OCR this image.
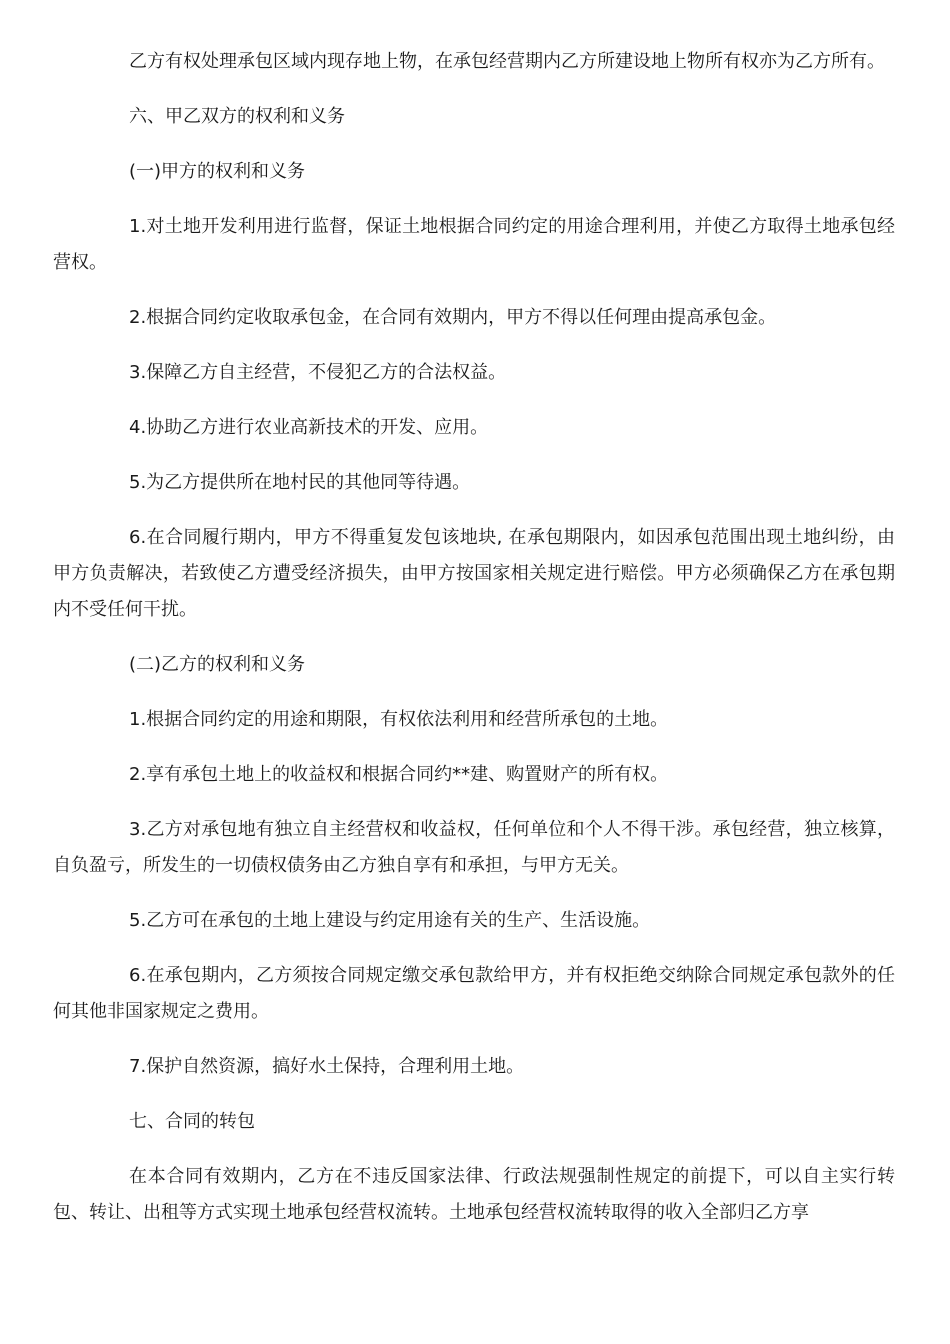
乙方有权处理承包区域内现存地上物，在承包经营期内乙方所建设地上物所有权亦为乙方所有。

六、甲乙双方的权利和义务

(一)甲方的权利和义务

1.对土地开发利用进行监督，保证土地根据合同约定的用途合理利用，并使乙方取得土地承包经营权。

2.根据合同约定收取承包金，在合同有效期内，甲方不得以任何理由提高承包金。

3.保障乙方自主经营，不侵犯乙方的合法权益。

4.协助乙方进行农业高新技术的开发、应用。

5.为乙方提供所在地村民的其他同等待遇。

6.在合同履行期内，甲方不得重复发包该地块, 在承包期限内，如因承包范围出现土地纠纷，由甲方负责解决，若致使乙方遭受经济损失，由甲方按国家相关规定进行赔偿。甲方必须确保乙方在承包期内不受任何干扰。

(二)乙方的权利和义务

1.根据合同约定的用途和期限，有权依法利用和经营所承包的土地。

2.享有承包土地上的收益权和根据合同约**建、购置财产的所有权。

3.乙方对承包地有独立自主经营权和收益权，任何单位和个人不得干涉。承包经营，独立核算，自负盈亏，所发生的一切债权债务由乙方独自享有和承担，与甲方无关。

5.乙方可在承包的土地上建设与约定用途有关的生产、生活设施。

6.在承包期内，乙方须按合同规定缴交承包款给甲方，并有权拒绝交纳除合同规定承包款外的任何其他非国家规定之费用。

7.保护自然资源，搞好水土保持，合理利用土地。

七、合同的转包

在本合同有效期内，乙方在不违反国家法律、行政法规强制性规定的前提下，可以自主实行转包、转让、出租等方式实现土地承包经营权流转。土地承包经营权流转取得的收入全部归乙方享
